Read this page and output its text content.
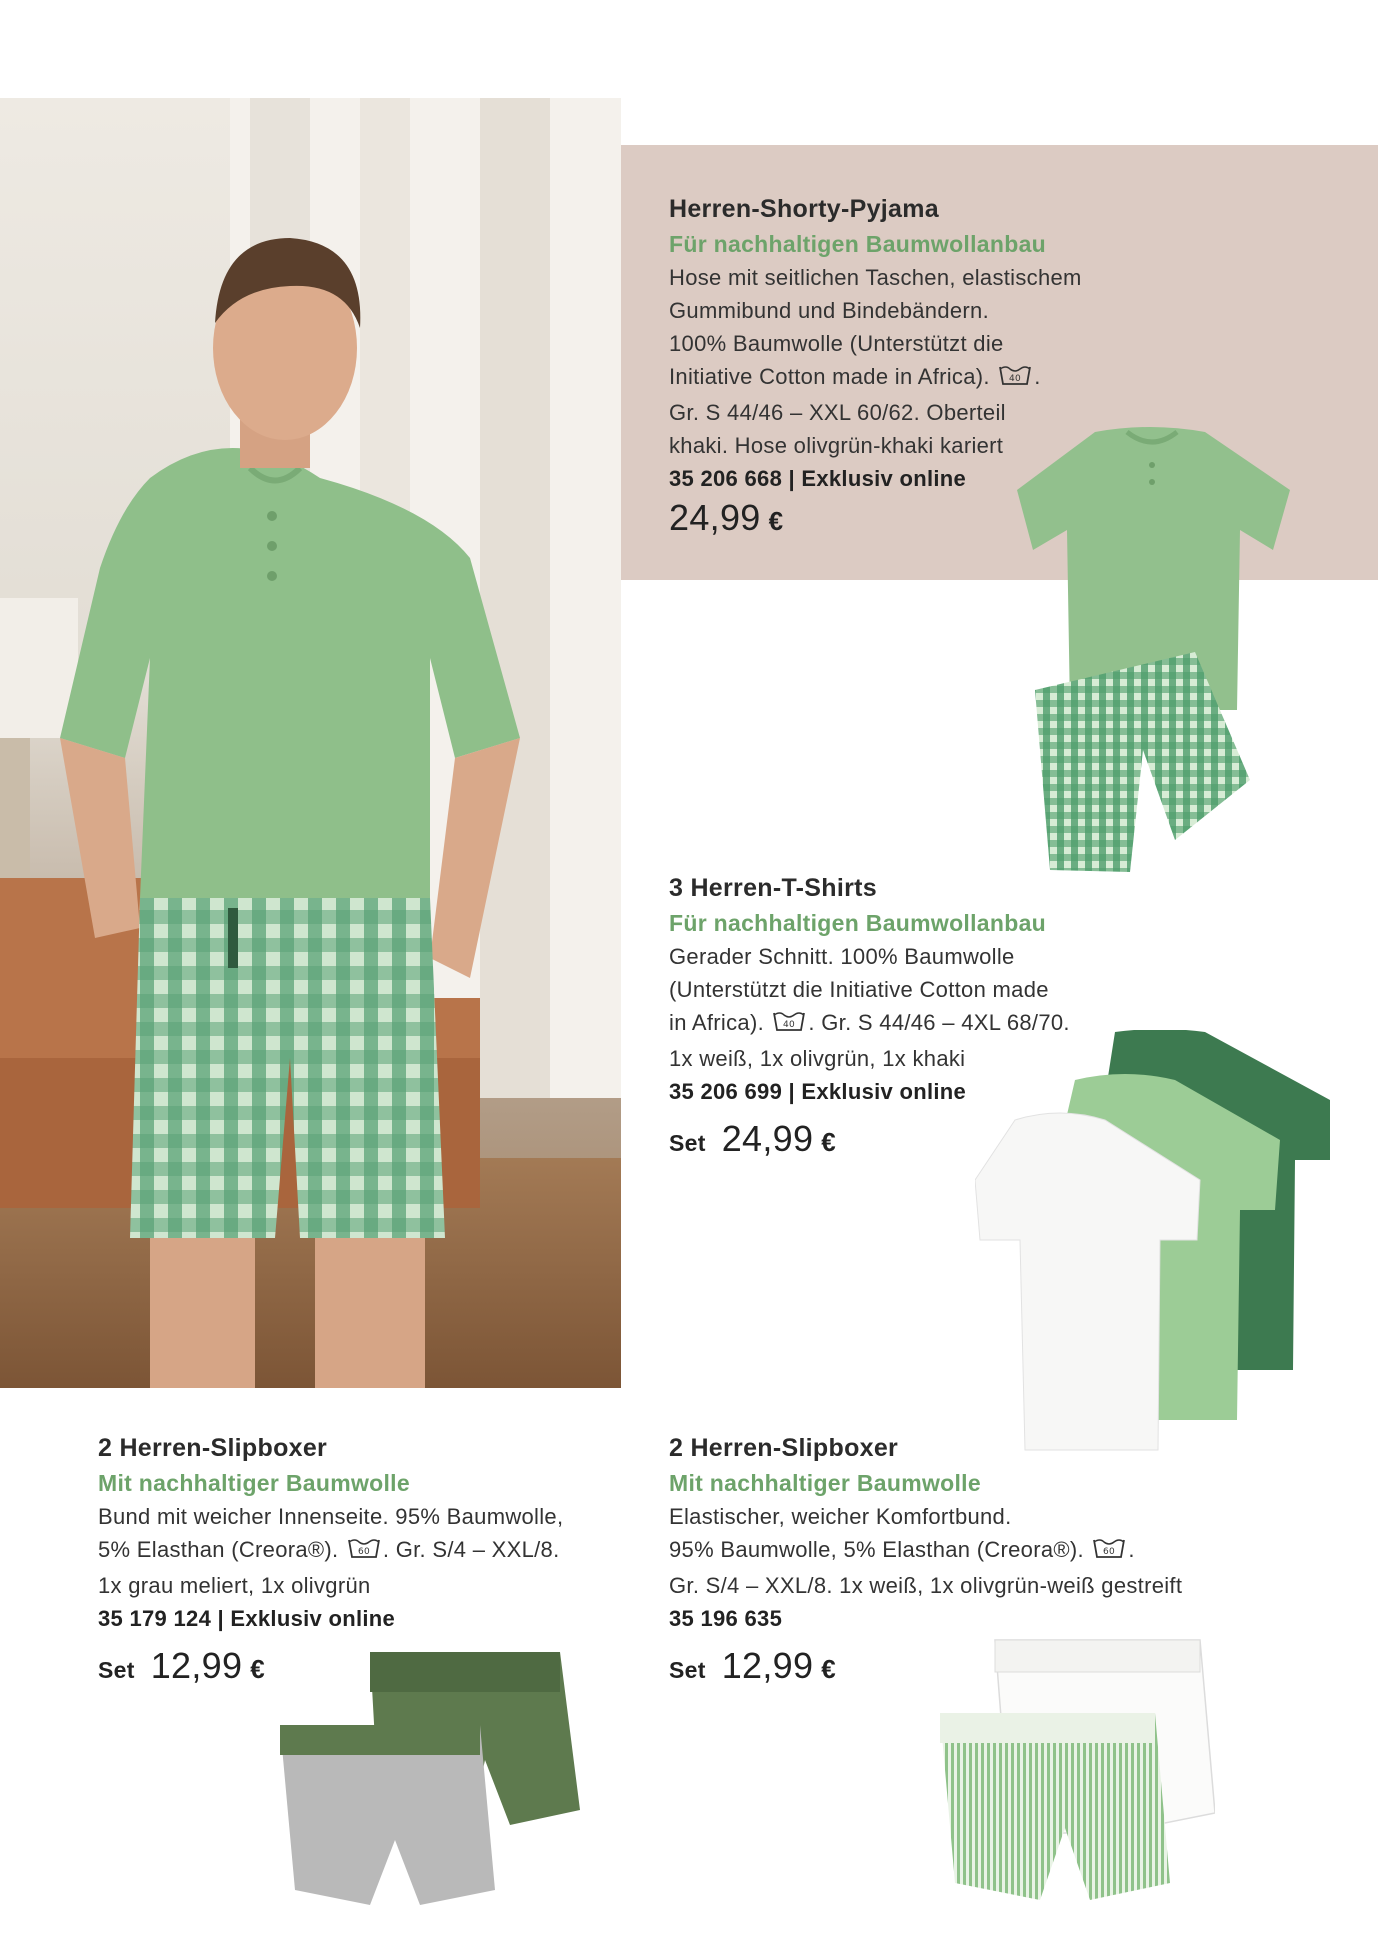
Herren-Shorty-Pyjama
Für nachhaltigen Baumwollanbau
Hose mit seitlichen Taschen, elastischem
Gummibund und Bindebändern.
100% Baumwolle (Unterstützt die
Initiative Cotton made in Africa). 40 .
Gr. S 44/46 – XXL 60/62. Oberteil
khaki. Hose olivgrün-khaki kariert
35 206 668 | Exklusiv online
24,99 €
3 Herren-T-Shirts
Für nachhaltigen Baumwollanbau
Gerader Schnitt. 100% Baumwolle
(Unterstützt die Initiative Cotton made
in Africa). 40 . Gr. S 44/46 – 4XL 68/70.
1x weiß, 1x olivgrün, 1x khaki
35 206 699 | Exklusiv online
Set 24,99 €
2 Herren-Slipboxer
Mit nachhaltiger Baumwolle
Bund mit weicher Innenseite. 95% Baumwolle,
5% Elasthan (Creora®). 60 . Gr. S/4 – XXL/8.
1x grau meliert, 1x olivgrün
35 179 124 | Exklusiv online
Set 12,99 €
2 Herren-Slipboxer
Mit nachhaltiger Baumwolle
Elastischer, weicher Komfortbund.
95% Baumwolle, 5% Elasthan (Creora®). 60 .
Gr. S/4 – XXL/8. 1x weiß, 1x olivgrün-weiß gestreift
35 196 635
Set 12,99 €
